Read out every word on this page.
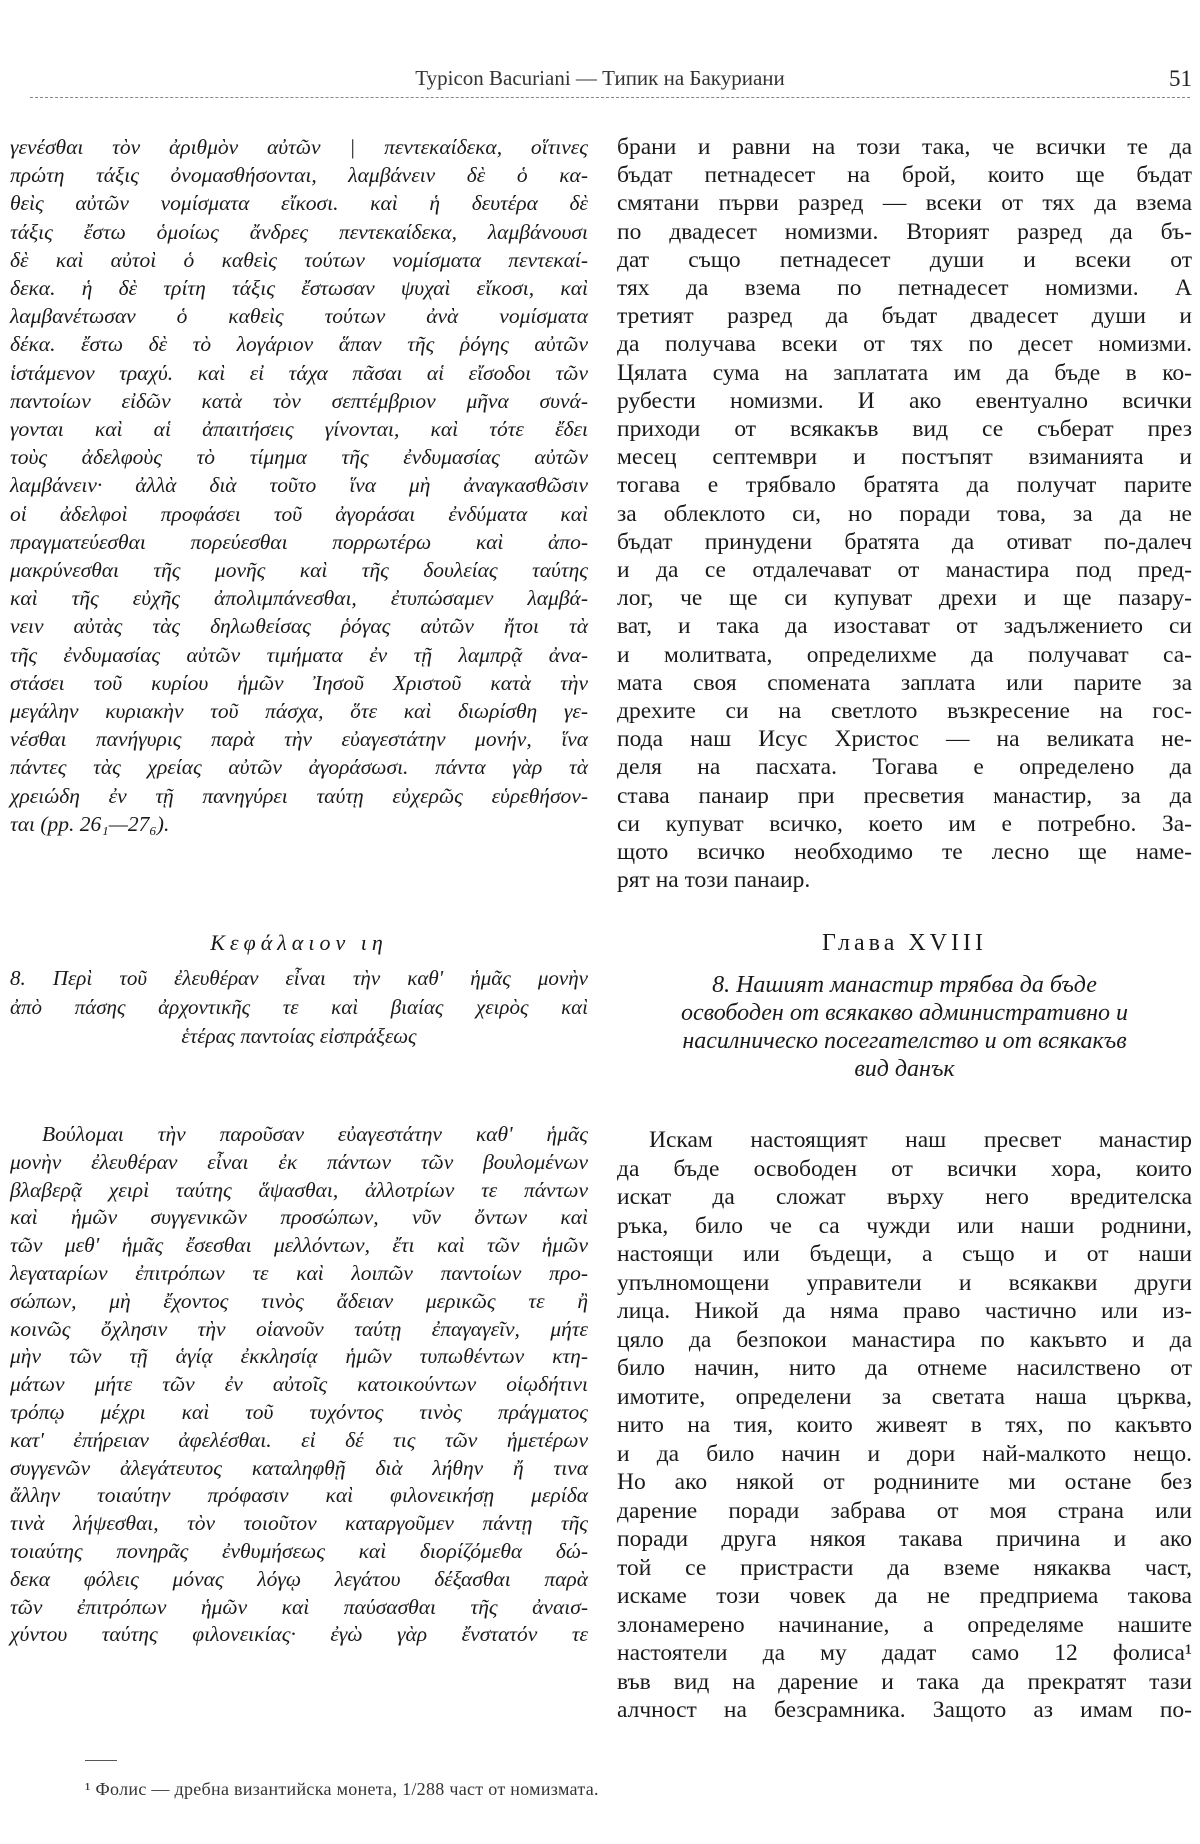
Typicon Bacuriani — Типик на Бакуриани	51
γενέσθαι τὸν ἀριθμὸν αὐτῶν | πεντεκαίδεκα, οἵτινες
πρώτη τάξις ὀνομασθήσονται, λαμβάνειν δὲ ὁ κα-
θεὶς αὐτῶν νομίσματα εἴκοσι. καὶ ἡ δευτέρα δὲ
τάξις ἔστω ὁμοίως ἄνδρες πεντεκαίδεκα, λαμβάνουσι
δὲ καὶ αὐτοὶ ὁ καθεὶς τούτων νομίσματα πεντεκαί-
δεκα. ἡ δὲ τρίτη τάξις ἔστωσαν ψυχαὶ εἴκοσι, καὶ
λαμβανέτωσαν ὁ καθεὶς τούτων ἀνὰ νομίσματα
δέκα. ἔστω δὲ τὸ λογάριον ἅπαν τῆς ῥόγης αὐτῶν
ἱστάμενον τραχύ. καὶ εἰ τάχα πᾶσαι αἱ εἴσοδοι τῶν
παντοίων εἰδῶν κατὰ τὸν σεπτέμβριον μῆνα συνά-
γονται καὶ αἱ ἀπαιτήσεις γίνονται, καὶ τότε ἔδει
τοὺς ἀδελφοὺς τὸ τίμημα τῆς ἐνδυμασίας αὐτῶν
λαμβάνειν· ἀλλὰ διὰ τοῦτο ἵνα μὴ ἀναγκασθῶσιν
οἱ ἀδελφοὶ προφάσει τοῦ ἀγοράσαι ἐνδύματα καὶ
πραγματεύεσθαι πορεύεσθαι πορρωτέρω καὶ ἀπο-
μακρύνεσθαι τῆς μονῆς καὶ τῆς δουλείας ταύτης
καὶ τῆς εὐχῆς ἀπολιμπάνεσθαι, ἐτυπώσαμεν λαμβά-
νειν αὐτὰς τὰς δηλωθείσας ῥόγας αὐτῶν ἤτοι τὰ
τῆς ἐνδυμασίας αὐτῶν τιμήματα ἐν τῇ λαμπρᾷ ἀνα-
στάσει τοῦ κυρίου ἡμῶν Ἰησοῦ Χριστοῦ κατὰ τὴν
μεγάλην κυριακὴν τοῦ πάσχα, ὅτε καὶ διωρίσθη γε-
νέσθαι πανήγυρις παρὰ τὴν εὐαγεστάτην μονήν, ἵνα
πάντες τὰς χρείας αὐτῶν ἀγοράσωσι. πάντα γὰρ τὰ
χρειώδη ἐν τῇ πανηγύρει ταύτῃ εὐχερῶς εὑρεθήσον-
ται (pp. 26₁—27₆).
брани и равни на този така, че всички те да
бъдат петнадесет на брой, които ще бъдат
смятани първи разред — всеки от тях да взема
по двадесет номизми. Вторият разред да бъ-
дат също петнадесет души и всеки от
тях да взема по петнадесет номизми. А
третият разред да бъдат двадесет души и
да получава всеки от тях по десет номизми.
Цялата сума на заплатата им да бъде в ко-
рубести номизми. И ако евентуално всички
приходи от всякакъв вид се съберат през
месец септември и постъпят взиманията и
тогава е трябвало братята да получат парите
за облеклото си, но поради това, за да не
бъдат принудени братята да отиват по-далеч
и да се отдалечават от манастира под пред-
лог, че ще си купуват дрехи и ще пазару-
ват, и така да изостават от задължението си
и молитвата, определихме да получават са-
мата своя спомената заплата или парите за
дрехите си на светлото възкресение на гос-
пода наш Исус Христос — на великата не-
деля на пасхата. Тогава е определено да
става панаир при пресветия манастир, за да
си купуват всичко, което им е потребно. За-
щото всичко необходимо те лесно ще наме-
рят на този панаир.
Κεφάλαιον ιη	Глава XVIII
8. Περὶ τοῦ ἐλευθέραν εἶναι τὴν καθ' ἡμᾶς μονὴν
ἀπὸ πάσης ἀρχοντικῆς τε καὶ βιαίας χειρὸς καὶ
ἑτέρας παντοίας εἰσπράξεως
8. Нашият манастир трябва да бъде
освободен от всякакво административно и
насилническо посегателство и от всякакъв
вид данък
Βούλομαι τὴν παροῦσαν εὐαγεστάτην καθ' ἡμᾶς
μονὴν ἐλευθέραν εἶναι ἐκ πάντων τῶν βουλομένων
βλαβερᾷ χειρὶ ταύτης ἅψασθαι, ἀλλοτρίων τε πάντων
καὶ ἡμῶν συγγενικῶν προσώπων, νῦν ὄντων καὶ
τῶν μεθ' ἡμᾶς ἔσεσθαι μελλόντων, ἔτι καὶ τῶν ἡμῶν
λεγαταρίων ἐπιτρόπων τε καὶ λοιπῶν παντοίων προ-
σώπων, μὴ ἔχοντος τινὸς ἄδειαν μερικῶς τε ἢ
κοινῶς ὄχλησιν τὴν οἱανοῦν ταύτῃ ἐπαγαγεῖν, μήτε
μὴν τῶν τῇ ἁγίᾳ ἐκκλησίᾳ ἡμῶν τυπωθέντων κτη-
μάτων μήτε τῶν ἐν αὐτοῖς κατοικούντων οἱῳδήτινι
τρόπῳ μέχρι καὶ τοῦ τυχόντος τινὸς πράγματος
κατ' ἐπήρειαν ἀφελέσθαι. εἰ δέ τις τῶν ἡμετέρων
συγγενῶν ἀλεγάτευτος καταληφθῇ διὰ λήθην ἤ τινα
ἄλλην τοιαύτην πρόφασιν καὶ φιλονεικήσῃ μερίδα
τινὰ λήψεσθαι, τὸν τοιοῦτον καταργοῦμεν πάντῃ τῆς
τοιαύτης πονηρᾶς ἐνθυμήσεως καὶ διορίζόμεθα δώ-
δεκα φόλεις μόνας λόγῳ λεγάτου δέξασθαι παρὰ
τῶν ἐπιτρόπων ἡμῶν καὶ παύσασθαι τῆς ἀναισ-
χύντου ταύτης φιλονεικίας· ἐγὼ γὰρ ἔνστατόν τε
Искам настоящият наш пресвет манастир
да бъде освободен от всички хора, които
искат да сложат върху него вредителска
ръка, било че са чужди или наши роднини,
настоящи или бъдещи, а също и от наши
упълномощени управители и всякакви други
лица. Никой да няма право частично или из-
цяло да безпокои манастира по какъвто и да
било начин, нито да отнеме насилствено от
имотите, определени за светата наша църква,
нито на тия, които живеят в тях, по какъвто
и да било начин и дори най-малкото нещо.
Но ако някой от роднините ми остане без
дарение поради забрава от моя страна или
поради друга някоя такава причина и ако
той се пристрасти да вземе някаква част,
искаме този човек да не предприема такова
злонамерено начинание, а определяме нашите
настоятели да му дадат само 12 фолиса¹
във вид на дарение и така да прекратят тази
алчност на безсрамника. Защото аз имам по-
¹ Фолис — дребна византийска монета, 1/288 част от номизмата.
